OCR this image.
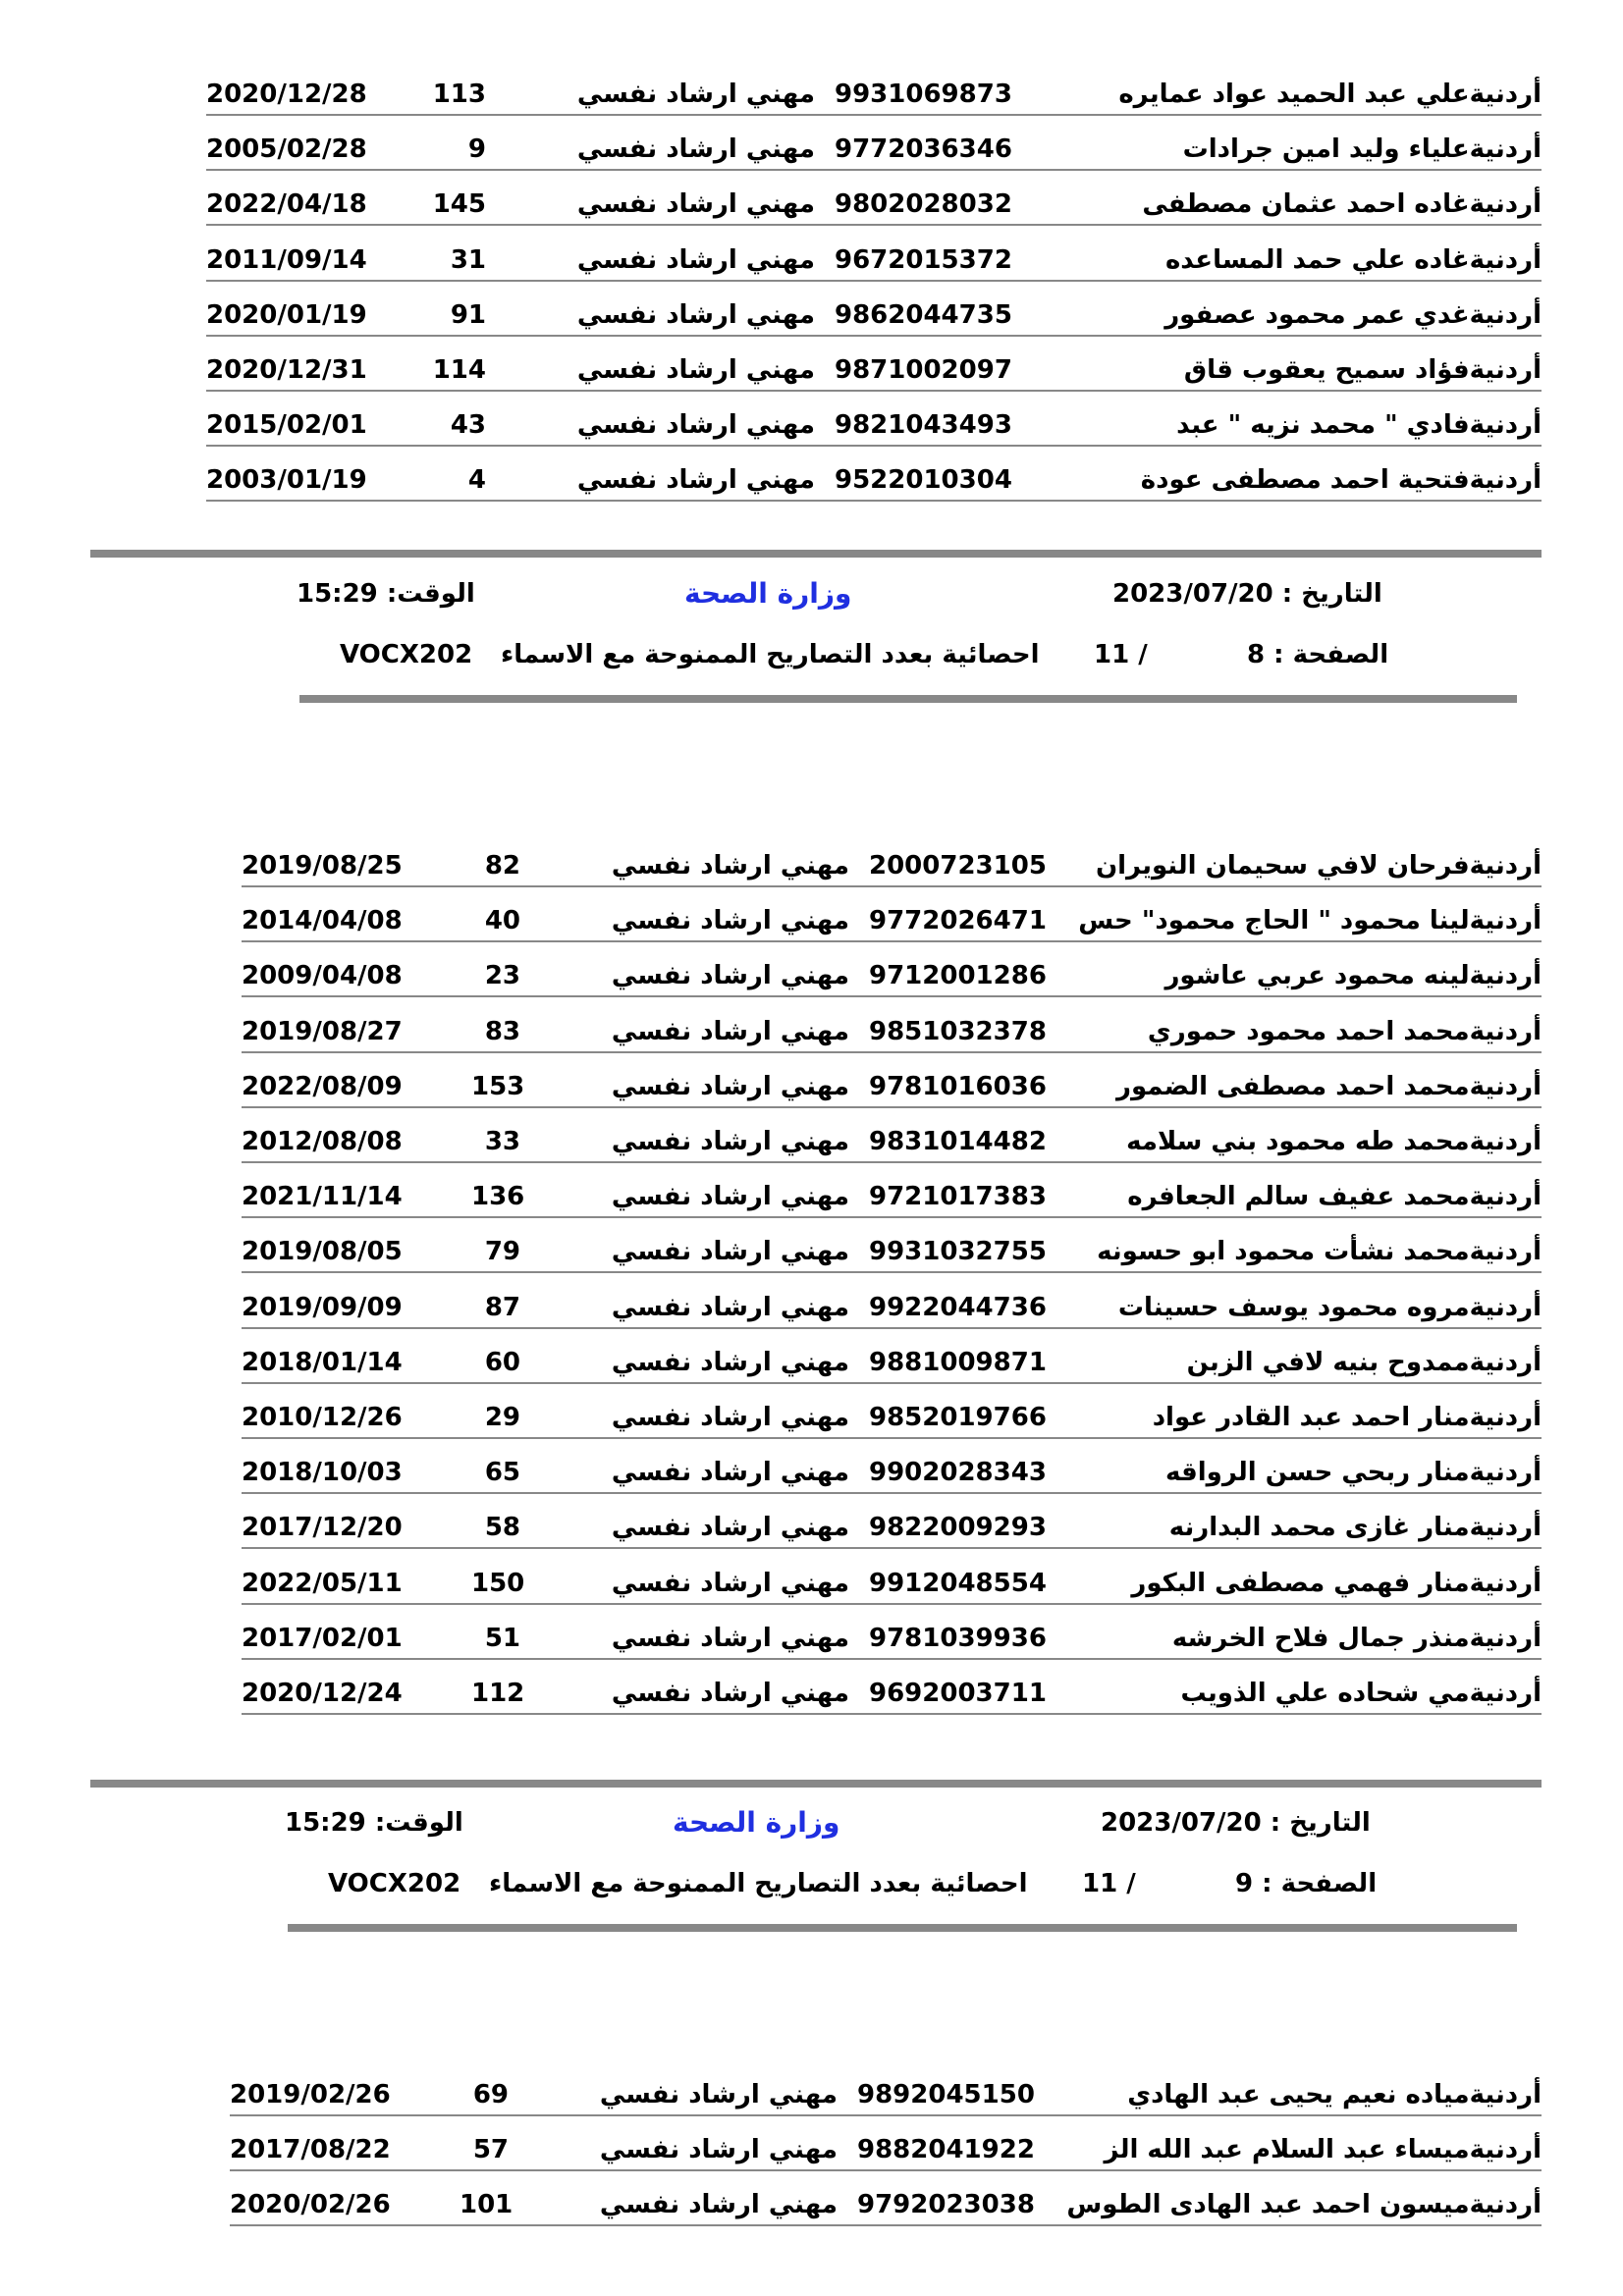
أردنيةعلي عبد الحميد عواد عمايره
9931069873
مهني ارشاد نفسي
113
2020/12/28
أردنيةعلياء وليد امين جرادات
9772036346
مهني ارشاد نفسي
9
2005/02/28
أردنيةغاده احمد عثمان مصطفى
9802028032
مهني ارشاد نفسي
145
2022/04/18
أردنيةغاده علي حمد المساعده
9672015372
مهني ارشاد نفسي
31
2011/09/14
أردنيةغدي عمر محمود عصفور
9862044735
مهني ارشاد نفسي
91
2020/01/19
أردنيةفؤاد سميح يعقوب قاق
9871002097
مهني ارشاد نفسي
114
2020/12/31
أردنيةفادي " محمد نزيه " عبد
9821043493
مهني ارشاد نفسي
43
2015/02/01
أردنيةفتحية احمد مصطفى عودة
9522010304
مهني ارشاد نفسي
4
2003/01/19
التاريخ : 2023/07/20
وزارة الصحة
الوقت: 15:29
الصفحة : 8
11 /
احصائية بعدد التصاريح الممنوحة مع الاسماء
VOCX202
أردنيةفرحان لافي سحيمان النويران
2000723105
مهني ارشاد نفسي
82
2019/08/25
أردنيةلينا محمود " الحاج محمود" حس
9772026471
مهني ارشاد نفسي
40
2014/04/08
أردنيةلينه محمود عربي عاشور
9712001286
مهني ارشاد نفسي
23
2009/04/08
أردنيةمحمد احمد محمود حموري
9851032378
مهني ارشاد نفسي
83
2019/08/27
أردنيةمحمد احمد مصطفى الضمور
9781016036
مهني ارشاد نفسي
153
2022/08/09
أردنيةمحمد طه محمود بني سلامه
9831014482
مهني ارشاد نفسي
33
2012/08/08
أردنيةمحمد عفيف سالم الجعافره
9721017383
مهني ارشاد نفسي
136
2021/11/14
أردنيةمحمد نشأت محمود ابو حسونه
9931032755
مهني ارشاد نفسي
79
2019/08/05
أردنيةمروه محمود يوسف حسينات
9922044736
مهني ارشاد نفسي
87
2019/09/09
أردنيةممدوح بنيه لافي الزبن
9881009871
مهني ارشاد نفسي
60
2018/01/14
أردنيةمنار احمد عبد القادر عواد
9852019766
مهني ارشاد نفسي
29
2010/12/26
أردنيةمنار ربحي حسن الرواقه
9902028343
مهني ارشاد نفسي
65
2018/10/03
أردنيةمنار غازى محمد البدارنه
9822009293
مهني ارشاد نفسي
58
2017/12/20
أردنيةمنار فهمي مصطفى البكور
9912048554
مهني ارشاد نفسي
150
2022/05/11
أردنيةمنذر جمال فلاح الخرشه
9781039936
مهني ارشاد نفسي
51
2017/02/01
أردنيةمي شحاده علي الذويب
9692003711
مهني ارشاد نفسي
112
2020/12/24
التاريخ : 2023/07/20
وزارة الصحة
الوقت: 15:29
الصفحة : 9
11 /
احصائية بعدد التصاريح الممنوحة مع الاسماء
VOCX202
أردنيةمياده نعيم يحيى عبد الهادي
9892045150
مهني ارشاد نفسي
69
2019/02/26
أردنيةميساء عبد السلام عبد الله الز
9882041922
مهني ارشاد نفسي
57
2017/08/22
أردنيةميسون احمد عبد الهادى الطوس
9792023038
مهني ارشاد نفسي
101
2020/02/26
